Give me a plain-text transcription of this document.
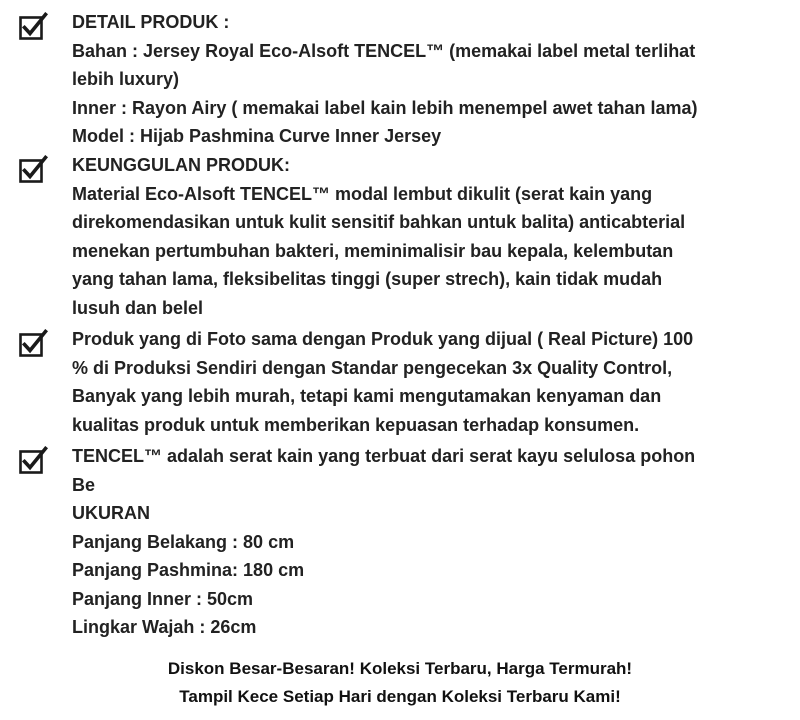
DETAIL PRODUK :
Bahan : Jersey Royal Eco-Alsoft TENCEL™ (memakai label metal terlihat
lebih luxury)
Inner : Rayon Airy ( memakai label kain lebih menempel awet tahan lama)
Model : Hijab Pashmina Curve Inner Jersey
KEUNGGULAN PRODUK:
Material Eco-Alsoft TENCEL™ modal lembut dikulit (serat kain yang
direkomendasikan untuk kulit sensitif bahkan untuk balita) anticabterial
menekan pertumbuhan bakteri, meminimalisir bau kepala, kelembutan
yang tahan lama, fleksibelitas tinggi (super strech), kain tidak mudah
lusuh dan belel
Produk yang di Foto sama dengan Produk yang dijual ( Real Picture) 100
% di Produksi Sendiri dengan Standar pengecekan 3x Quality Control,
Banyak yang lebih murah, tetapi kami mengutamakan kenyaman dan
kualitas produk untuk memberikan kepuasan terhadap konsumen.
TENCEL™ adalah serat kain yang terbuat dari serat kayu selulosa pohon
Be
UKURAN
Panjang Belakang : 80 cm
Panjang Pashmina: 180 cm
Panjang Inner : 50cm
Lingkar Wajah : 26cm
Diskon Besar-Besaran! Koleksi Terbaru, Harga Termurah!
Tampil Kece Setiap Hari dengan Koleksi Terbaru Kami!
